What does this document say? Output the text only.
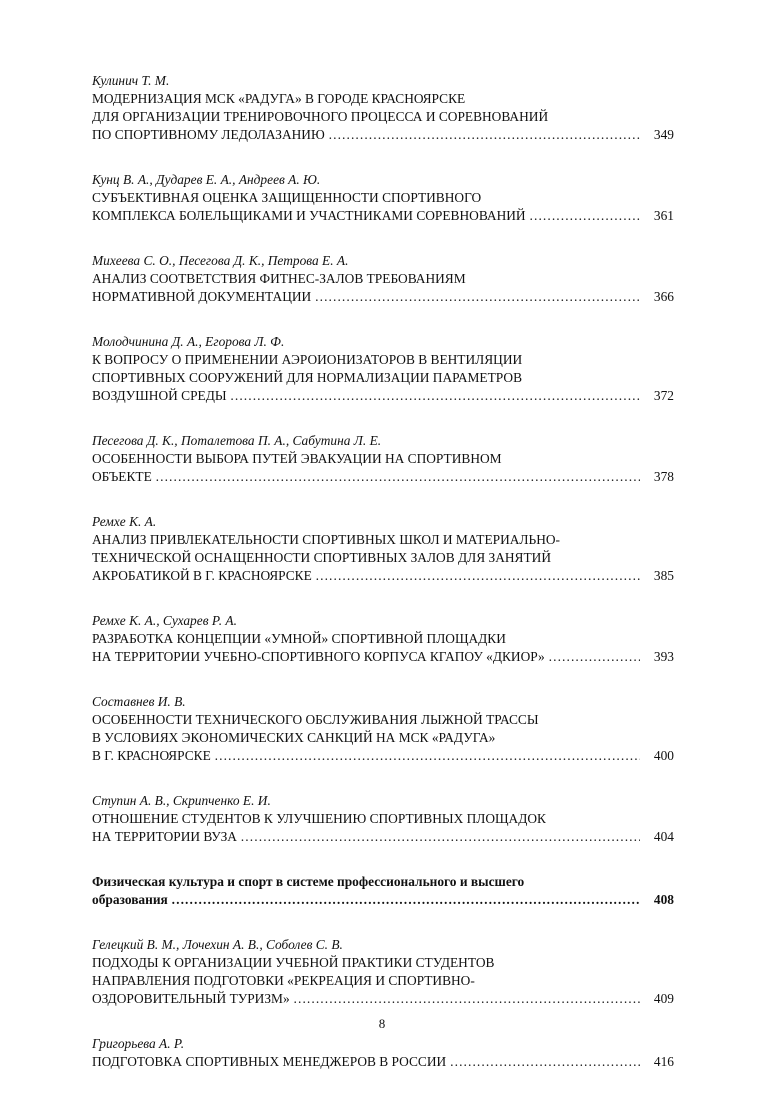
Кулинич Т. М.
МОДЕРНИЗАЦИЯ МСК «РАДУГА» В ГОРОДЕ КРАСНОЯРСКЕ
ДЛЯ ОРГАНИЗАЦИИ ТРЕНИРОВОЧНОГО ПРОЦЕССА И СОРЕВНОВАНИЙ
ПО СПОРТИВНОМУ ЛЕДОЛАЗАНИЮ ……………………………………………………………………………………………………………………………………………	349
Кунц В. А., Дударев Е. А., Андреев А. Ю.
СУБЪЕКТИВНАЯ ОЦЕНКА ЗАЩИЩЕННОСТИ СПОРТИВНОГО
КОМПЛЕКСА БОЛЕЛЬЩИКАМИ И УЧАСТНИКАМИ СОРЕВНОВАНИЙ ……………………………………………………………………………………………………………………………………………	361
Михеева С. О., Песегова Д. К., Петрова Е. А.
АНАЛИЗ СООТВЕТСТВИЯ ФИТНЕС-ЗАЛОВ ТРЕБОВАНИЯМ
НОРМАТИВНОЙ ДОКУМЕНТАЦИИ ……………………………………………………………………………………………………………………………………………	366
Молодчинина Д. А., Егорова Л. Ф.
К ВОПРОСУ О ПРИМЕНЕНИИ АЭРОИОНИЗАТОРОВ В ВЕНТИЛЯЦИИ
СПОРТИВНЫХ СООРУЖЕНИЙ ДЛЯ НОРМАЛИЗАЦИИ ПАРАМЕТРОВ
ВОЗДУШНОЙ СРЕДЫ ……………………………………………………………………………………………………………………………………………	372
Песегова Д. К., Поталетова П. А., Сабутина Л. Е.
ОСОБЕННОСТИ ВЫБОРА ПУТЕЙ ЭВАКУАЦИИ НА СПОРТИВНОМ
ОБЪЕКТЕ ……………………………………………………………………………………………………………………………………………	378
Ремхе К. А.
АНАЛИЗ ПРИВЛЕКАТЕЛЬНОСТИ СПОРТИВНЫХ ШКОЛ И МАТЕРИАЛЬНО-
ТЕХНИЧЕСКОЙ ОСНАЩЕННОСТИ СПОРТИВНЫХ ЗАЛОВ ДЛЯ ЗАНЯТИЙ
АКРОБАТИКОЙ В Г. КРАСНОЯРСКЕ ……………………………………………………………………………………………………………………………………………	385
Ремхе К. А., Сухарев Р. А.
РАЗРАБОТКА КОНЦЕПЦИИ «УМНОЙ» СПОРТИВНОЙ ПЛОЩАДКИ
НА ТЕРРИТОРИИ УЧЕБНО-СПОРТИВНОГО КОРПУСА КГАПОУ «ДКИОР» ……………………………………………………………………………………………………………………………………………	393
Составнев И. В.
ОСОБЕННОСТИ ТЕХНИЧЕСКОГО ОБСЛУЖИВАНИЯ ЛЫЖНОЙ ТРАССЫ
В УСЛОВИЯХ ЭКОНОМИЧЕСКИХ САНКЦИЙ НА МСК «РАДУГА»
В Г. КРАСНОЯРСКЕ ……………………………………………………………………………………………………………………………………………	400
Ступин А. В., Скрипченко Е. И.
ОТНОШЕНИЕ СТУДЕНТОВ К УЛУЧШЕНИЮ СПОРТИВНЫХ ПЛОЩАДОК
НА ТЕРРИТОРИИ ВУЗА ……………………………………………………………………………………………………………………………………………	404
Физическая культура и спорт в системе профессионального и высшего
образования ……………………………………………………………………………………………………………………………………………	408
Гелецкий В. М., Лочехин А. В., Соболев С. В.
ПОДХОДЫ К ОРГАНИЗАЦИИ УЧЕБНОЙ ПРАКТИКИ СТУДЕНТОВ
НАПРАВЛЕНИЯ ПОДГОТОВКИ «РЕКРЕАЦИЯ И СПОРТИВНО-
ОЗДОРОВИТЕЛЬНЫЙ ТУРИЗМ» ……………………………………………………………………………………………………………………………………………	409
Григорьева А. Р.
ПОДГОТОВКА СПОРТИВНЫХ МЕНЕДЖЕРОВ В РОССИИ ……………………………………………………………………………………………………………………………………………	416
8
